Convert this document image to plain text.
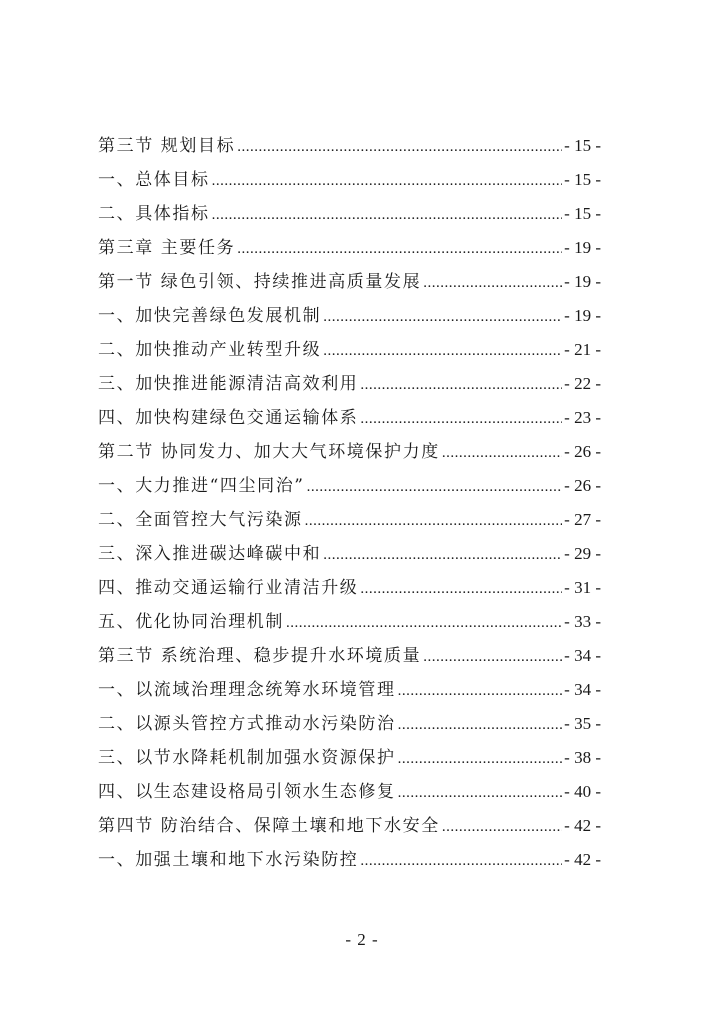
第三节 规划目标 .....	- 15 -
一、总体目标 .....	- 15 -
二、具体指标 .....	- 15 -
第三章 主要任务 .....	- 19 -
第一节 绿色引领、持续推进高质量发展 .....	- 19 -
一、加快完善绿色发展机制 .....	- 19 -
二、加快推动产业转型升级 .....	- 21 -
三、加快推进能源清洁高效利用 .....	- 22 -
四、加快构建绿色交通运输体系 .....	- 23 -
第二节 协同发力、加大大气环境保护力度 .....	- 26 -
一、大力推进“四尘同治” .....	- 26 -
二、全面管控大气污染源 .....	- 27 -
三、深入推进碳达峰碳中和 .....	- 29 -
四、推动交通运输行业清洁升级 .....	- 31 -
五、优化协同治理机制 .....	- 33 -
第三节 系统治理、稳步提升水环境质量 .....	- 34 -
一、以流域治理理念统筹水环境管理 .....	- 34 -
二、以源头管控方式推动水污染防治 .....	- 35 -
三、以节水降耗机制加强水资源保护 .....	- 38 -
四、以生态建设格局引领水生态修复 .....	- 40 -
第四节 防治结合、保障土壤和地下水安全 .....	- 42 -
一、加强土壤和地下水污染防控 .....	- 42 -
- 2 -
